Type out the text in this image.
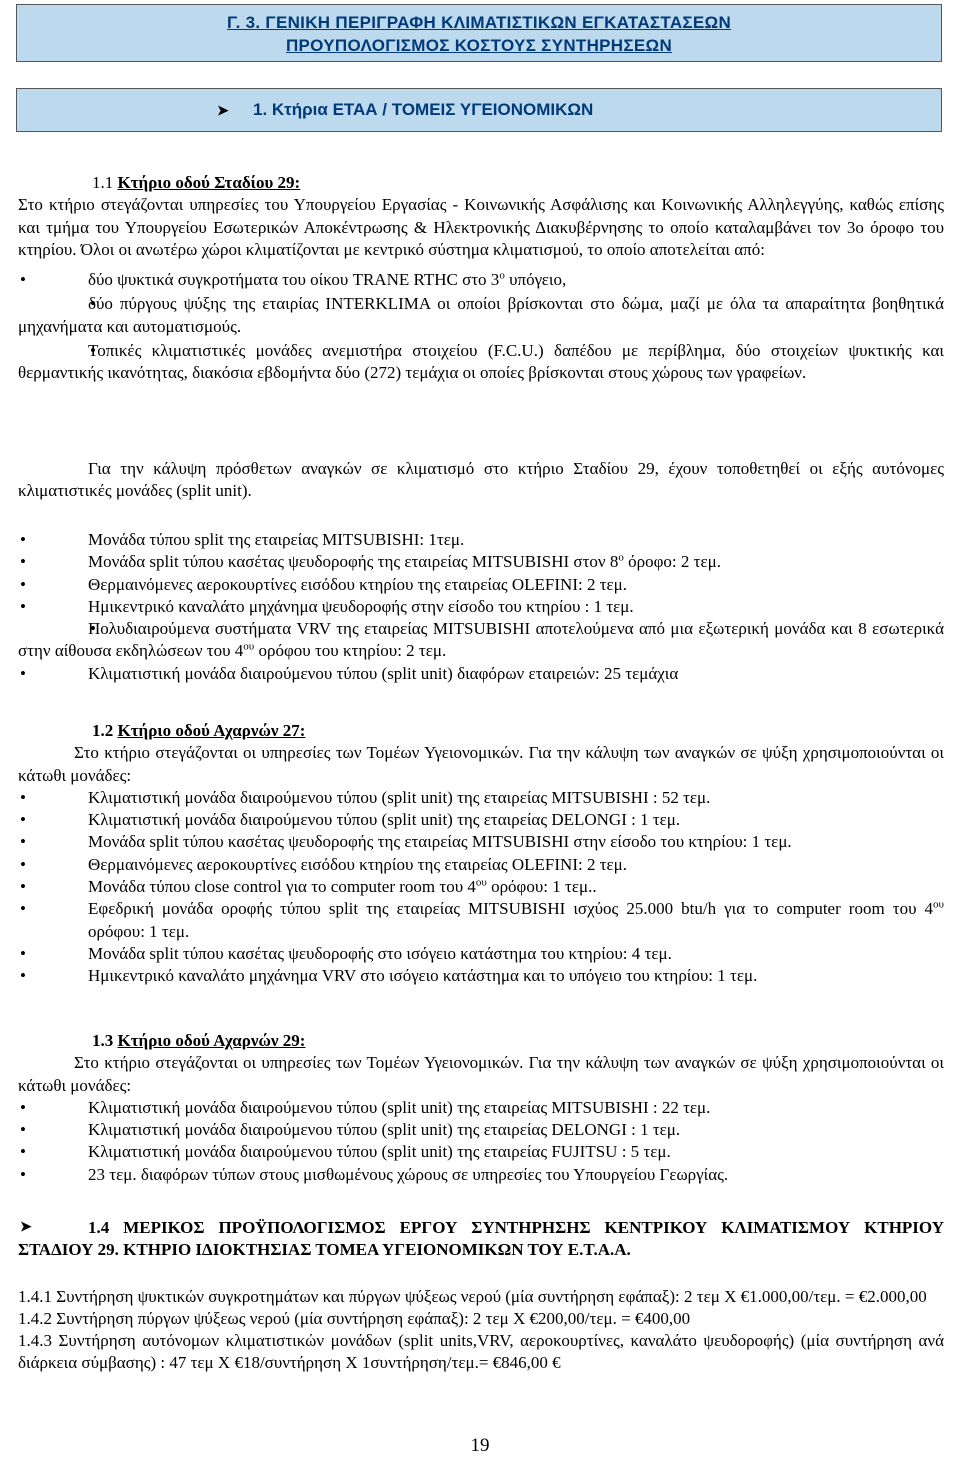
Γ. 3. ΓΕΝΙΚΗ ΠΕΡΙΓΡΑΦΗ ΚΛΙΜΑΤΙΣΤΙΚΩΝ ΕΓΚΑΤΑΣΤΑΣΕΩΝ
ΠΡΟΥΠΟΛΟΓΙΣΜΟΣ ΚΟΣΤΟΥΣ ΣΥΝΤΗΡΗΣΕΩΝ
➤	1. Κτήρια ΕΤΑΑ / ΤΟΜΕΙΣ ΥΓΕΙΟΝΟΜΙΚΩΝ

1.1 Κτήριο οδού Σταδίου 29:

Στο κτήριο στεγάζονται υπηρεσίες του Υπουργείου Εργασίας - Κοινωνικής Ασφάλισης και Κοινωνικής Αλληλεγγύης, καθώς επίσης και τμήμα του Υπουργείου Εσωτερικών Αποκέντρωσης & Ηλεκτρονικής Διακυβέρνησης το οποίο καταλαμβάνει τον 3ο όροφο του κτηρίου. Όλοι οι ανωτέρω χώροι κλιματίζονται με κεντρικό σύστημα κλιματισμού, το οποίο αποτελείται από:

• δύο ψυκτικά συγκροτήματα του οίκου TRANE RTHC στο $3^o$ υπόγειο,

• δύο πύργους ψύξης της εταιρίας INTERKLIMA οι οποίοι βρίσκονται στο δώμα, μαζί με όλα τα απαραίτητα βοηθητικά μηχανήματα και αυτοματισμούς.

• Τοπικές κλιματιστικές μονάδες ανεμιστήρα στοιχείου (F.C.U.) δαπέδου με περίβλημα, δύο στοιχείων ψυκτικής και θερμαντικής ικανότητας, διακόσια εβδομήντα δύο (272) τεμάχια οι οποίες βρίσκονται στους χώρους των γραφείων.

Για την κάλυψη πρόσθετων αναγκών σε κλιματισμό στο κτήριο Σταδίου 29, έχουν τοποθετηθεί οι εξής αυτόνομες κλιματιστικές μονάδες (split unit).

• Μονάδα τύπου split της εταιρείας MITSUBISHI: 1τεμ.

• Μονάδα split τύπου κασέτας ψευδοροφής της εταιρείας MITSUBISHI στον $8^o$ όροφο: 2 τεμ.

• Θερμαινόμενες αεροκουρτίνες εισόδου κτηρίου της εταιρείας OLEFINI: 2 τεμ.

• Ημικεντρικό καναλάτο μηχάνημα ψευδοροφής στην είσοδο του κτηρίου : 1 τεμ.

• Πολυδιαιρούμενα συστήματα VRV της εταιρείας MITSUBISHI αποτελούμενα από μια εξωτερική μονάδα και 8 εσωτερικά στην αίθουσα εκδηλώσεων του $4^{o\upsilon}$ ορόφου του κτηρίου: 2 τεμ.

• Κλιματιστική μονάδα διαιρούμενου τύπου (split unit) διαφόρων εταιρειών: 25 τεμάχια

1.2 Κτήριο οδού Αχαρνών 27:

Στο κτήριο στεγάζονται οι υπηρεσίες των Τομέων Υγειονομικών. Για την κάλυψη των αναγκών σε ψύξη χρησιμοποιούνται οι κάτωθι μονάδες:

• Κλιματιστική μονάδα διαιρούμενου τύπου (split unit) της εταιρείας MITSUBISHI : 52 τεμ.

• Κλιματιστική μονάδα διαιρούμενου τύπου (split unit) της εταιρείας DELONGI : 1 τεμ.

• Μονάδα split τύπου κασέτας ψευδοροφής της εταιρείας MITSUBISHI στην είσοδο του κτηρίου: 1 τεμ.

• Θερμαινόμενες αεροκουρτίνες εισόδου κτηρίου της εταιρείας OLEFINI: 2 τεμ.

• Μονάδα τύπου close control για το computer room του $4^{o\upsilon}$ ορόφου: 1 τεμ..

• Εφεδρική μονάδα οροφής τύπου split της εταιρείας MITSUBISHI ισχύος 25.000 btu/h για το computer room του $4^{o\upsilon}$ ορόφου: 1 τεμ.

• Μονάδα split τύπου κασέτας ψευδοροφής στο ισόγειο κατάστημα του κτηρίου: 4 τεμ.

• Ημικεντρικό καναλάτο μηχάνημα VRV στο ισόγειο κατάστημα και το υπόγειο του κτηρίου: 1 τεμ.

1.3 Κτήριο οδού Αχαρνών 29:

Στο κτήριο στεγάζονται οι υπηρεσίες των Τομέων Υγειονομικών. Για την κάλυψη των αναγκών σε ψύξη χρησιμοποιούνται οι κάτωθι μονάδες:

• Κλιματιστική μονάδα διαιρούμενου τύπου (split unit) της εταιρείας MITSUBISHI : 22 τεμ.

• Κλιματιστική μονάδα διαιρούμενου τύπου (split unit) της εταιρείας DELONGI : 1 τεμ.

• Κλιματιστική μονάδα διαιρούμενου τύπου (split unit) της εταιρείας FUJITSU : 5 τεμ.

• 23 τεμ. διαφόρων τύπων στους μισθωμένους χώρους σε υπηρεσίες του Υπουργείου Γεωργίας.

➤	1.4 ΜΕΡΙΚΟΣ ΠΡΟΫΠΟΛΟΓΙΣΜΟΣ ΕΡΓΟΥ ΣΥΝΤΗΡΗΣΗΣ ΚΕΝΤΡΙΚΟΥ ΚΛΙΜΑΤΙΣΜΟΥ ΚΤΗΡΙΟΥ ΣΤΑΔΙΟΥ 29. ΚΤΗΡΙΟ ΙΔΙΟΚΤΗΣΙΑΣ ΤΟΜΕΑ ΥΓΕΙΟΝΟΜΙΚΩΝ ΤΟΥ Ε.Τ.Α.Α.

1.4.1 Συντήρηση ψυκτικών συγκροτημάτων και πύργων ψύξεως νερού (μία συντήρηση εφάπαξ): 2 τεμ Χ €1.000,00/τεμ. = €2.000,00

1.4.2 Συντήρηση πύργων ψύξεως νερού (μία συντήρηση εφάπαξ): 2 τεμ Χ €200,00/τεμ. = €400,00

1.4.3 Συντήρηση αυτόνομων κλιματιστικών μονάδων (split units,VRV, αεροκουρτίνες, καναλάτο ψευδοροφής) (μία συντήρηση ανά διάρκεια σύμβασης) : 47 τεμ Χ €18/συντήρηση Χ 1συντήρηση/τεμ.= €846,00 €

19
